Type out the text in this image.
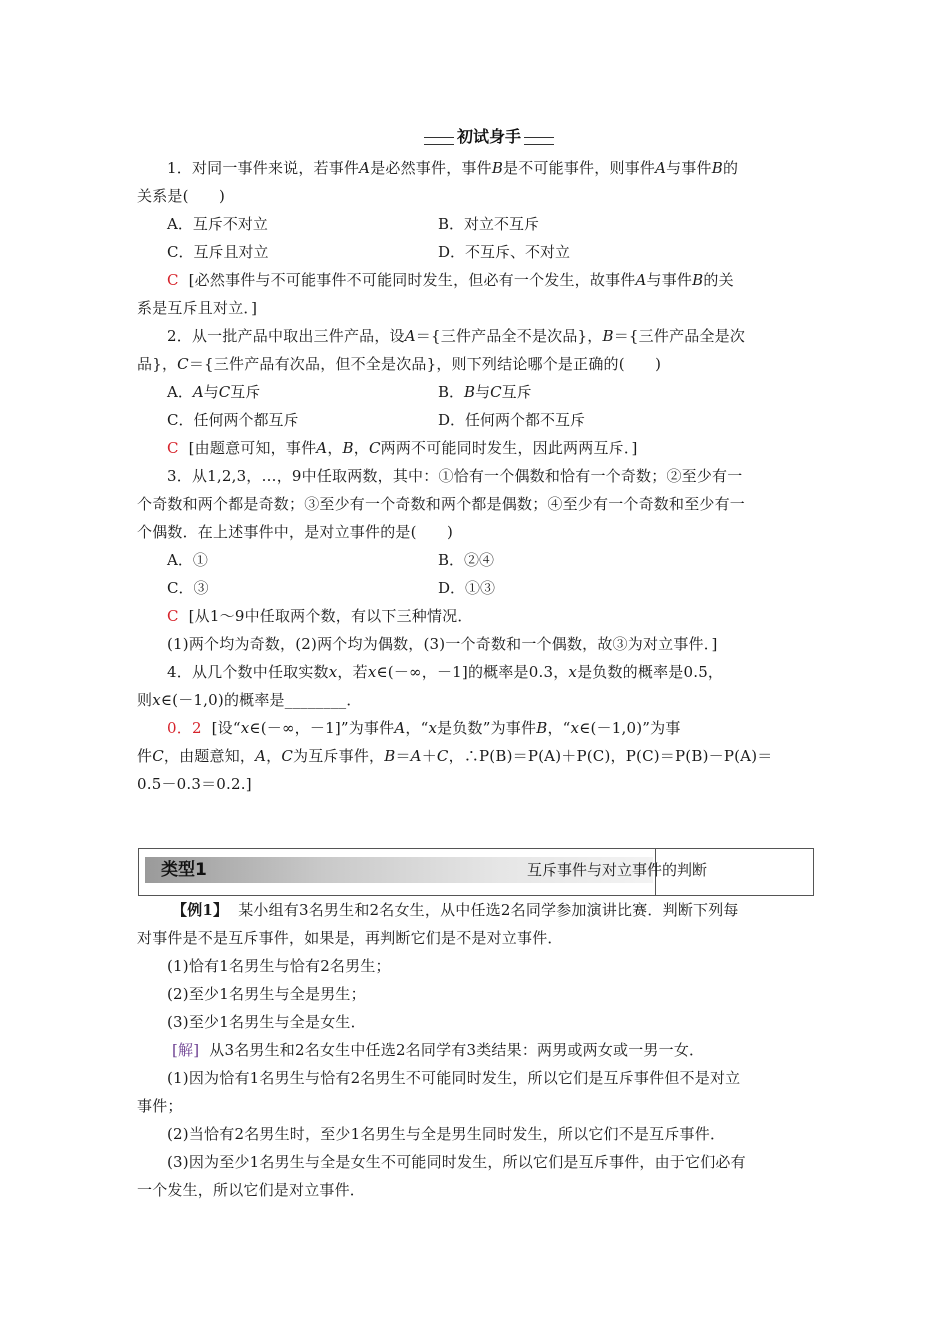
初试身手
1．对同一事件来说，若事件A是必然事件，事件B是不可能事件，则事件A与事件B的
关系是(　　)
A．互斥不对立	B．对立不互斥
C．互斥且对立	D．不互斥、不对立
C [必然事件与不可能事件不可能同时发生，但必有一个发生，故事件A与事件B的关
系是互斥且对立．]
2．从一批产品中取出三件产品，设A＝{三件产品全不是次品}，B＝{三件产品全是次
品}，C＝{三件产品有次品，但不全是次品}，则下列结论哪个是正确的(　　)
A．A与C互斥	B．B与C互斥
C．任何两个都互斥	D．任何两个都不互斥
C [由题意可知，事件A，B，C两两不可能同时发生，因此两两互斥．]
3．从1,2,3，…，9中任取两数，其中：①恰有一个偶数和恰有一个奇数；②至少有一
个奇数和两个都是奇数；③至少有一个奇数和两个都是偶数；④至少有一个奇数和至少有一
个偶数．在上述事件中，是对立事件的是(　　)
A．①	B．②④
C．③	D．①③
C [从1～9中任取两个数，有以下三种情况．
(1)两个均为奇数，(2)两个均为偶数，(3)一个奇数和一个偶数，故③为对立事件．]
4．从几个数中任取实数x，若x∈(－∞，－1]的概率是0.3，x是负数的概率是0.5，
则x∈(－1,0)的概率是________．
0．2 [设“x∈(－∞，－1]”为事件A，“x是负数”为事件B，“x∈(－1,0)”为事
件C，由题意知，A，C为互斥事件，B＝A＋C，∴P(B)＝P(A)＋P(C)，P(C)＝P(B)－P(A)＝
0.5－0.3＝0.2.]
类型1	互斥事件与对立事件的判断
【例1】 某小组有3名男生和2名女生，从中任选2名同学参加演讲比赛．判断下列每
对事件是不是互斥事件，如果是，再判断它们是不是对立事件．
(1)恰有1名男生与恰有2名男生；
(2)至少1名男生与全是男生；
(3)至少1名男生与全是女生．
[解] 从3名男生和2名女生中任选2名同学有3类结果：两男或两女或一男一女．
(1)因为恰有1名男生与恰有2名男生不可能同时发生，所以它们是互斥事件但不是对立
事件；
(2)当恰有2名男生时，至少1名男生与全是男生同时发生，所以它们不是互斥事件．
(3)因为至少1名男生与全是女生不可能同时发生，所以它们是互斥事件，由于它们必有
一个发生，所以它们是对立事件．
